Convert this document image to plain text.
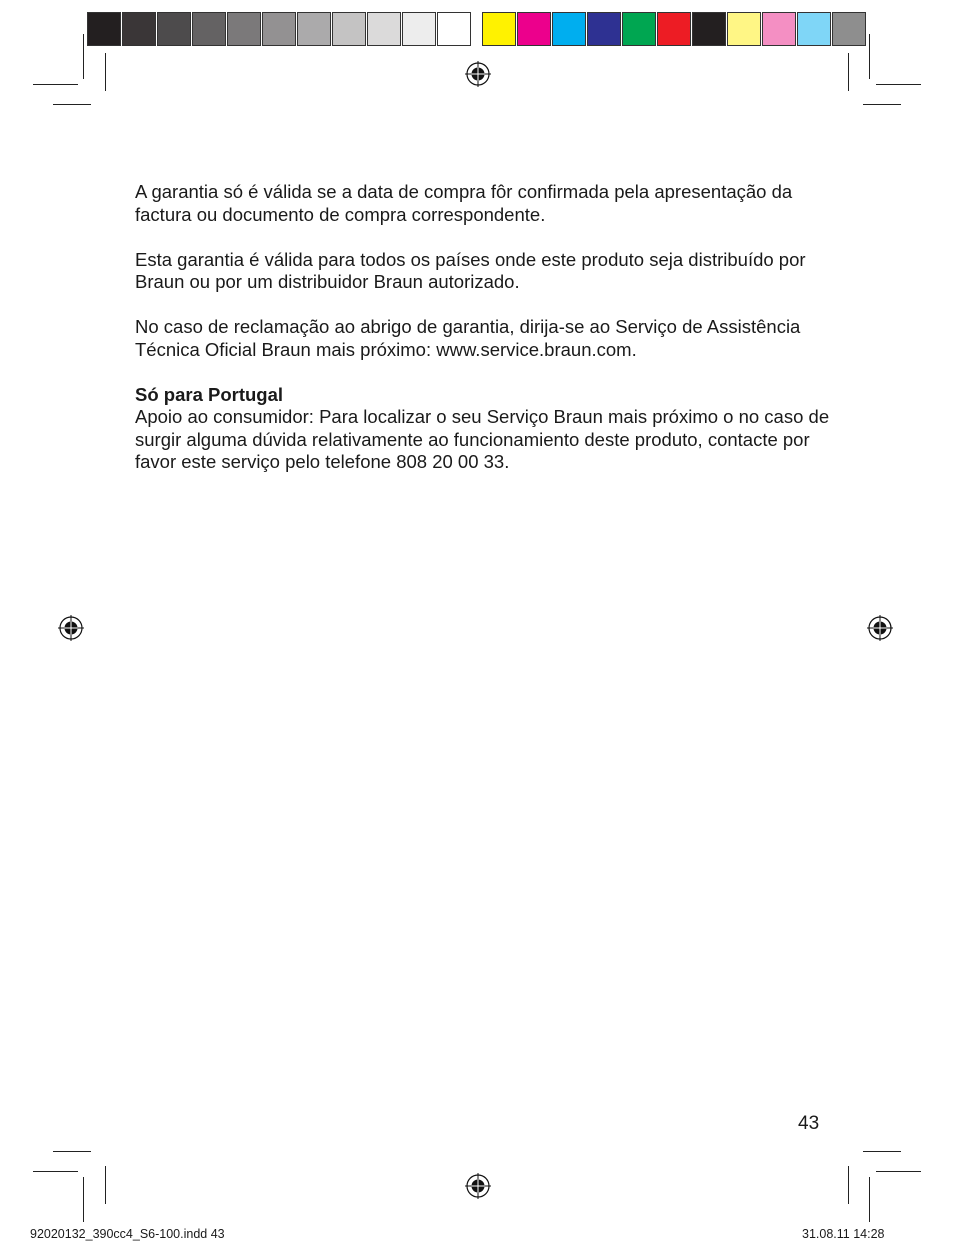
A garantia só é válida se a data de compra fôr confirmada pela apresentação da factura ou documento de compra correspondente.

Esta garantia é válida para todos os países onde este produto seja distribuído por Braun ou por um distribuidor Braun autorizado.

No caso de reclamação ao abrigo de garantia, dirija-se ao Serviço de Assistência Técnica Oficial Braun mais próximo: www.service.braun.com.

Só para Portugal
Apoio ao consumidor: Para localizar o seu Serviço Braun mais próximo o no caso de surgir alguma dúvida relativamente ao funcionamiento deste produto, contacte por favor este serviço pelo telefone 808 20 00 33.

43
92020132_390cc4_S6-100.indd 43	31.08.11 14:28
